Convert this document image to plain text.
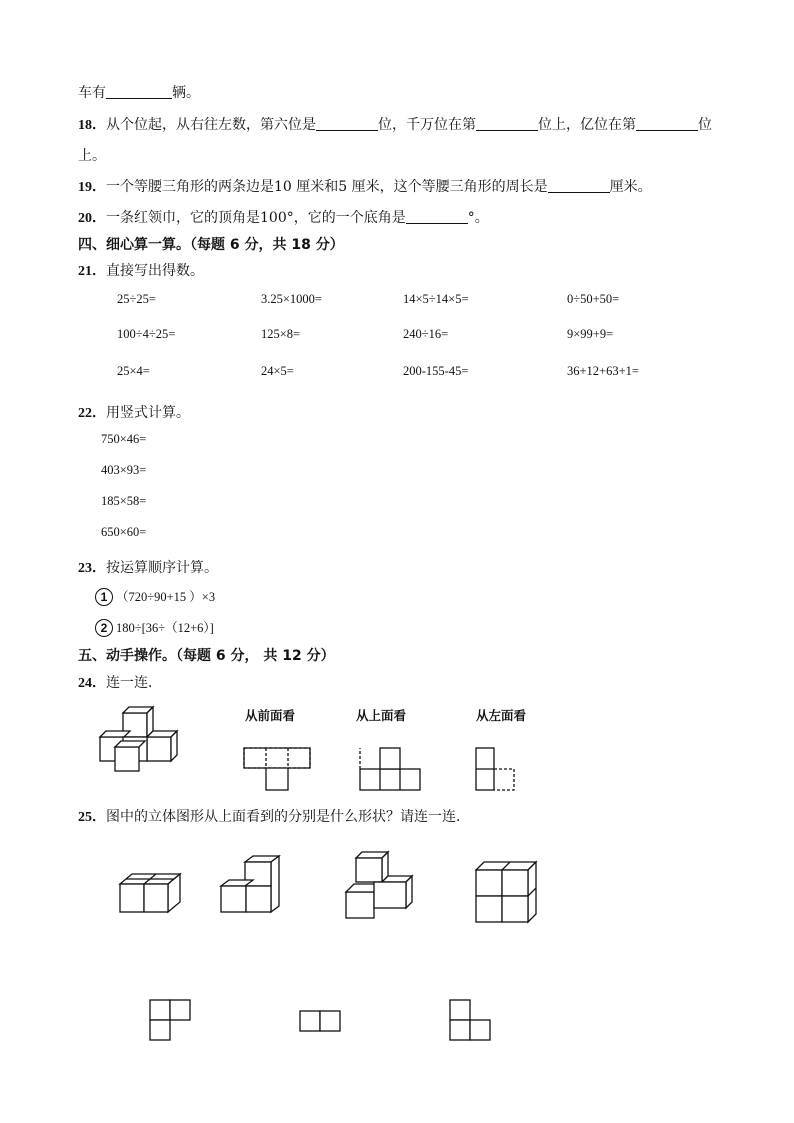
车有	辆。
18．从个位起，从右往左数，第六位是	位，千万位在第	位上，亿位在第	位
上。
19．一个等腰三角形的两条边是10 厘米和5 厘米，这个等腰三角形的周长是	厘米。
20．一条红领巾，它的顶角是100°，它的一个底角是	°。
四、细心算一算。（每题 6 分，共 18 分）
21．直接写出得数。
25÷25=	3.25×1000=	14×5÷14×5=	0÷50+50=
100÷4÷25=	125×8=	240÷16=	9×99+9=
25×4=	24×5=	200-155-45=	36+12+63+1=
22．用竖式计算。
750×46=
403×93=
185×58=
650×60=
23．按运算顺序计算。
1 （720÷90+15 ）×3
2 180÷[36÷（12+6）]
五、动手操作。（每题 6 分， 共 12 分）
24．连一连．
从前面看	从上面看	从左面看
25．图中的立体图形从上面看到的分别是什么形状？请连一连．
